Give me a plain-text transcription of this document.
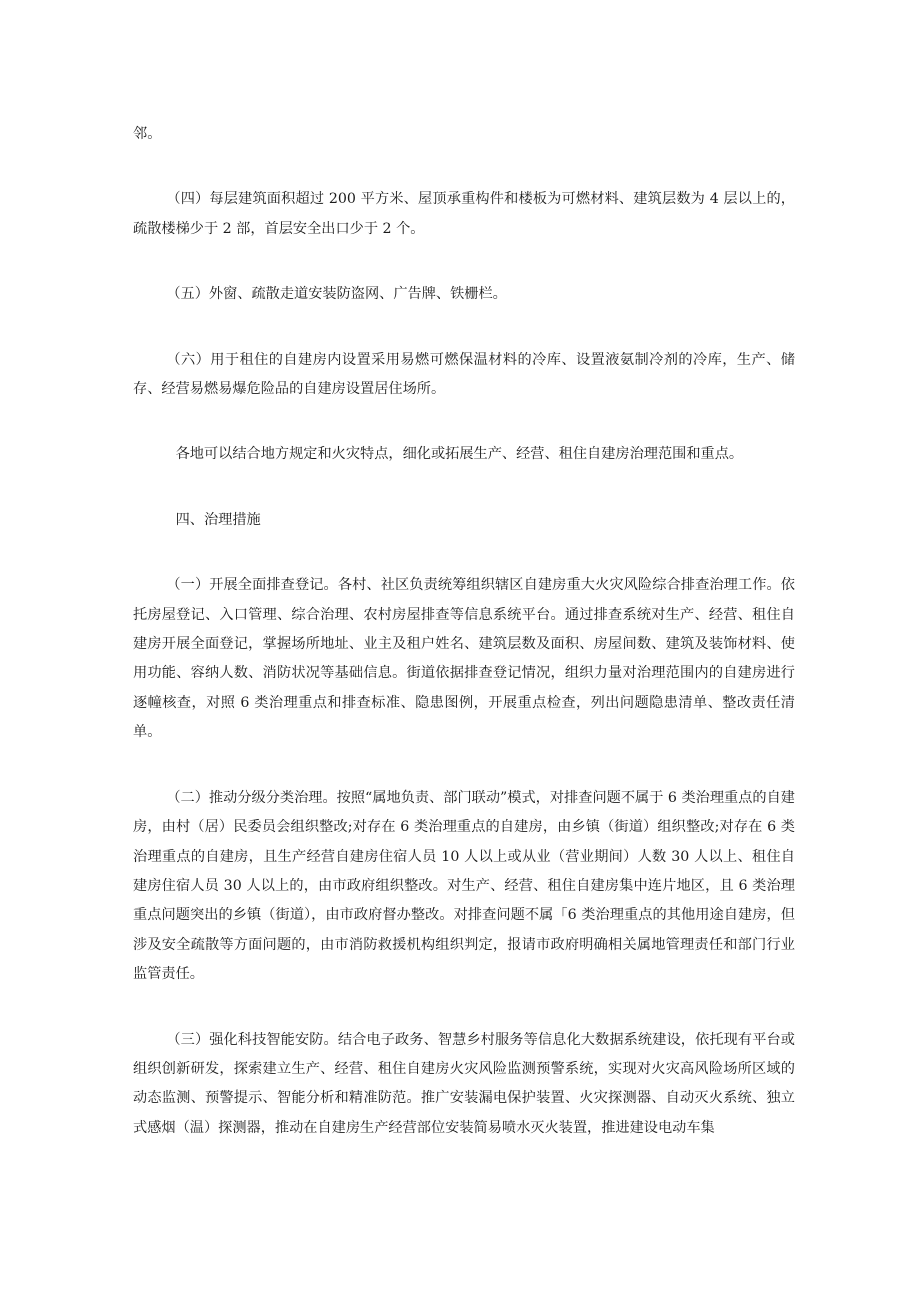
邻。

（四）每层建筑面积超过 200 平方米、屋顶承重构件和楼板为可燃材料、建筑层数为 4 层以上的，疏散楼梯少于 2 部，首层安全出口少于 2 个。

（五）外窗、疏散走道安装防盗网、广告牌、铁栅栏。

（六）用于租住的自建房内设置采用易燃可燃保温材料的冷库、设置液氨制冷剂的冷库，生产、储存、经营易燃易爆危险品的自建房设置居住场所。

各地可以结合地方规定和火灾特点，细化或拓展生产、经营、租住自建房治理范围和重点。

四、治理措施

（一）开展全面排查登记。各村、社区负责统筹组织辖区自建房重大火灾风险综合排查治理工作。依托房屋登记、入口管理、综合治理、农村房屋排查等信息系统平台。通过排查系统对生产、经营、租住自建房开展全面登记，掌握场所地址、业主及租户姓名、建筑层数及面积、房屋间数、建筑及装饰材料、使用功能、容纳人数、消防状况等基础信息。街道依据排查登记情况，组织力量对治理范围内的自建房进行逐幢核查，对照 6 类治理重点和排查标准、隐患图例，开展重点检查，列出问题隐患清单、整改责任清单。

（二）推动分级分类治理。按照“属地负责、部门联动”模式，对排查问题不属于 6 类治理重点的自建房，由村（居）民委员会组织整改;对存在 6 类治理重点的自建房，由乡镇（街道）组织整改;对存在 6 类治理重点的自建房，且生产经营自建房住宿人员 10 人以上或从业（营业期间）人数 30 人以上、租住自建房住宿人员 30 人以上的，由市政府组织整改。对生产、经营、租住自建房集中连片地区，且 6 类治理重点问题突出的乡镇（街道），由市政府督办整改。对排查问题不属「6 类治理重点的其他用途自建房，但涉及安全疏散等方面问题的，由市消防救援机构组织判定，报请市政府明确相关属地管理责任和部门行业监管责任。

（三）强化科技智能安防。结合电子政务、智慧乡村服务等信息化大数据系统建设，依托现有平台或组织创新研发，探索建立生产、经营、租住自建房火灾风险监测预警系统，实现对火灾高风险场所区域的动态监测、预警提示、智能分析和精准防范。推广安装漏电保护装置、火灾探测器、自动灭火系统、独立式感烟（温）探测器，推动在自建房生产经营部位安装简易喷水灭火装置，推进建设电动车集
